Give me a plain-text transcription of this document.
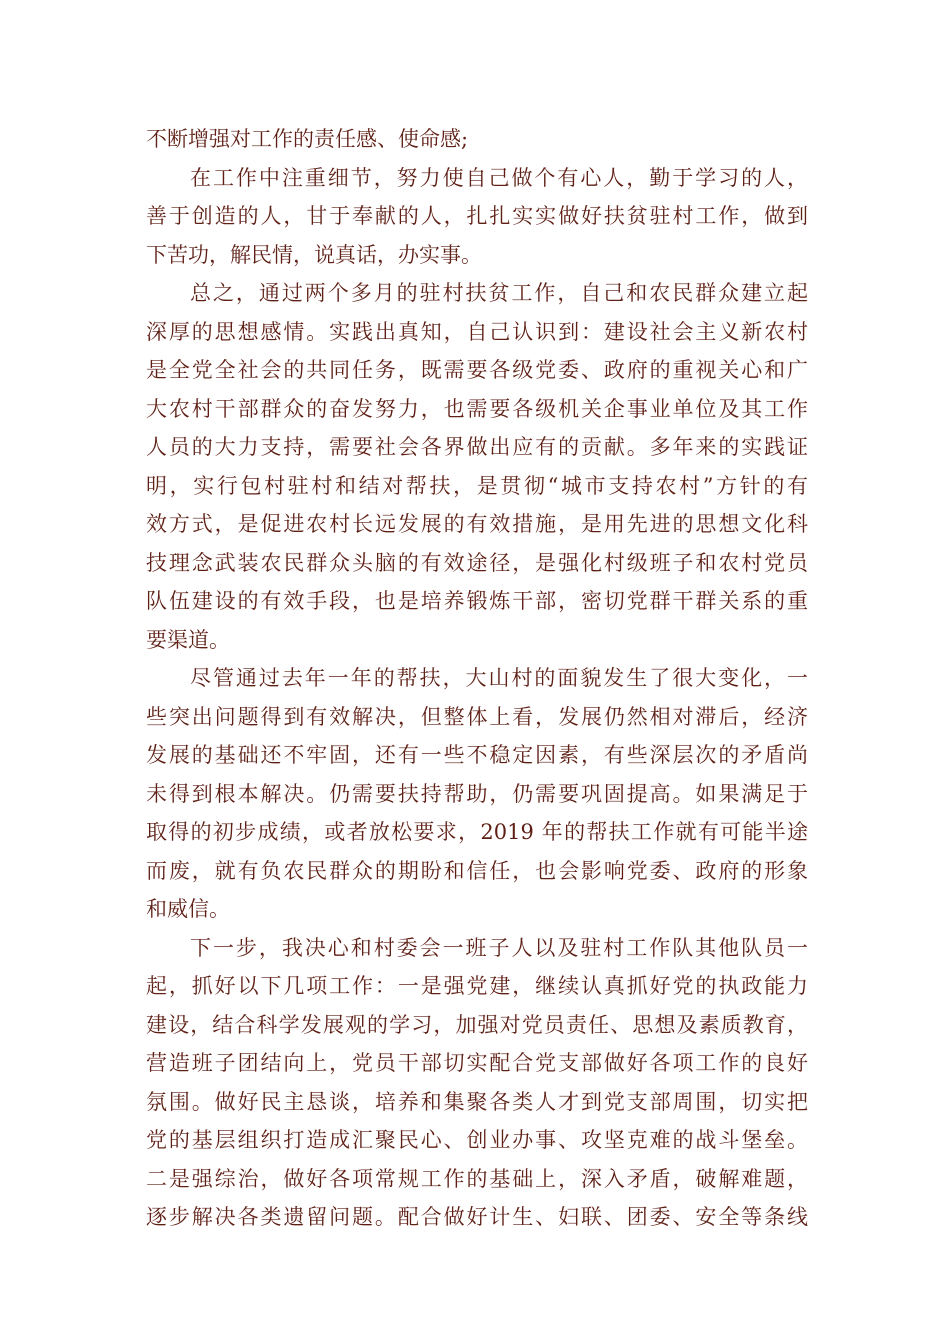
不断增强对工作的责任感、使命感;
在工作中注重细节，努力使自己做个有心人，勤于学习的人，
善于创造的人，甘于奉献的人，扎扎实实做好扶贫驻村工作，做到
下苦功，解民情，说真话，办实事。
总之，通过两个多月的驻村扶贫工作，自己和农民群众建立起
深厚的思想感情。实践出真知，自己认识到：建设社会主义新农村
是全党全社会的共同任务，既需要各级党委、政府的重视关心和广
大农村干部群众的奋发努力，也需要各级机关企事业单位及其工作
人员的大力支持，需要社会各界做出应有的贡献。多年来的实践证
明，实行包村驻村和结对帮扶，是贯彻“城市支持农村”方针的有
效方式，是促进农村长远发展的有效措施，是用先进的思想文化科
技理念武装农民群众头脑的有效途径，是强化村级班子和农村党员
队伍建设的有效手段，也是培养锻炼干部，密切党群干群关系的重
要渠道。
尽管通过去年一年的帮扶，大山村的面貌发生了很大变化，一
些突出问题得到有效解决，但整体上看，发展仍然相对滞后，经济
发展的基础还不牢固，还有一些不稳定因素，有些深层次的矛盾尚
未得到根本解决。仍需要扶持帮助，仍需要巩固提高。如果满足于
取得的初步成绩，或者放松要求，2019 年的帮扶工作就有可能半途
而废，就有负农民群众的期盼和信任，也会影响党委、政府的形象
和威信。
下一步，我决心和村委会一班子人以及驻村工作队其他队员一
起，抓好以下几项工作：一是强党建，继续认真抓好党的执政能力
建设，结合科学发展观的学习，加强对党员责任、思想及素质教育，
营造班子团结向上，党员干部切实配合党支部做好各项工作的良好
氛围。做好民主恳谈，培养和集聚各类人才到党支部周围，切实把
党的基层组织打造成汇聚民心、创业办事、攻坚克难的战斗堡垒。
二是强综治，做好各项常规工作的基础上，深入矛盾，破解难题，
逐步解决各类遗留问题。配合做好计生、妇联、团委、安全等条线
